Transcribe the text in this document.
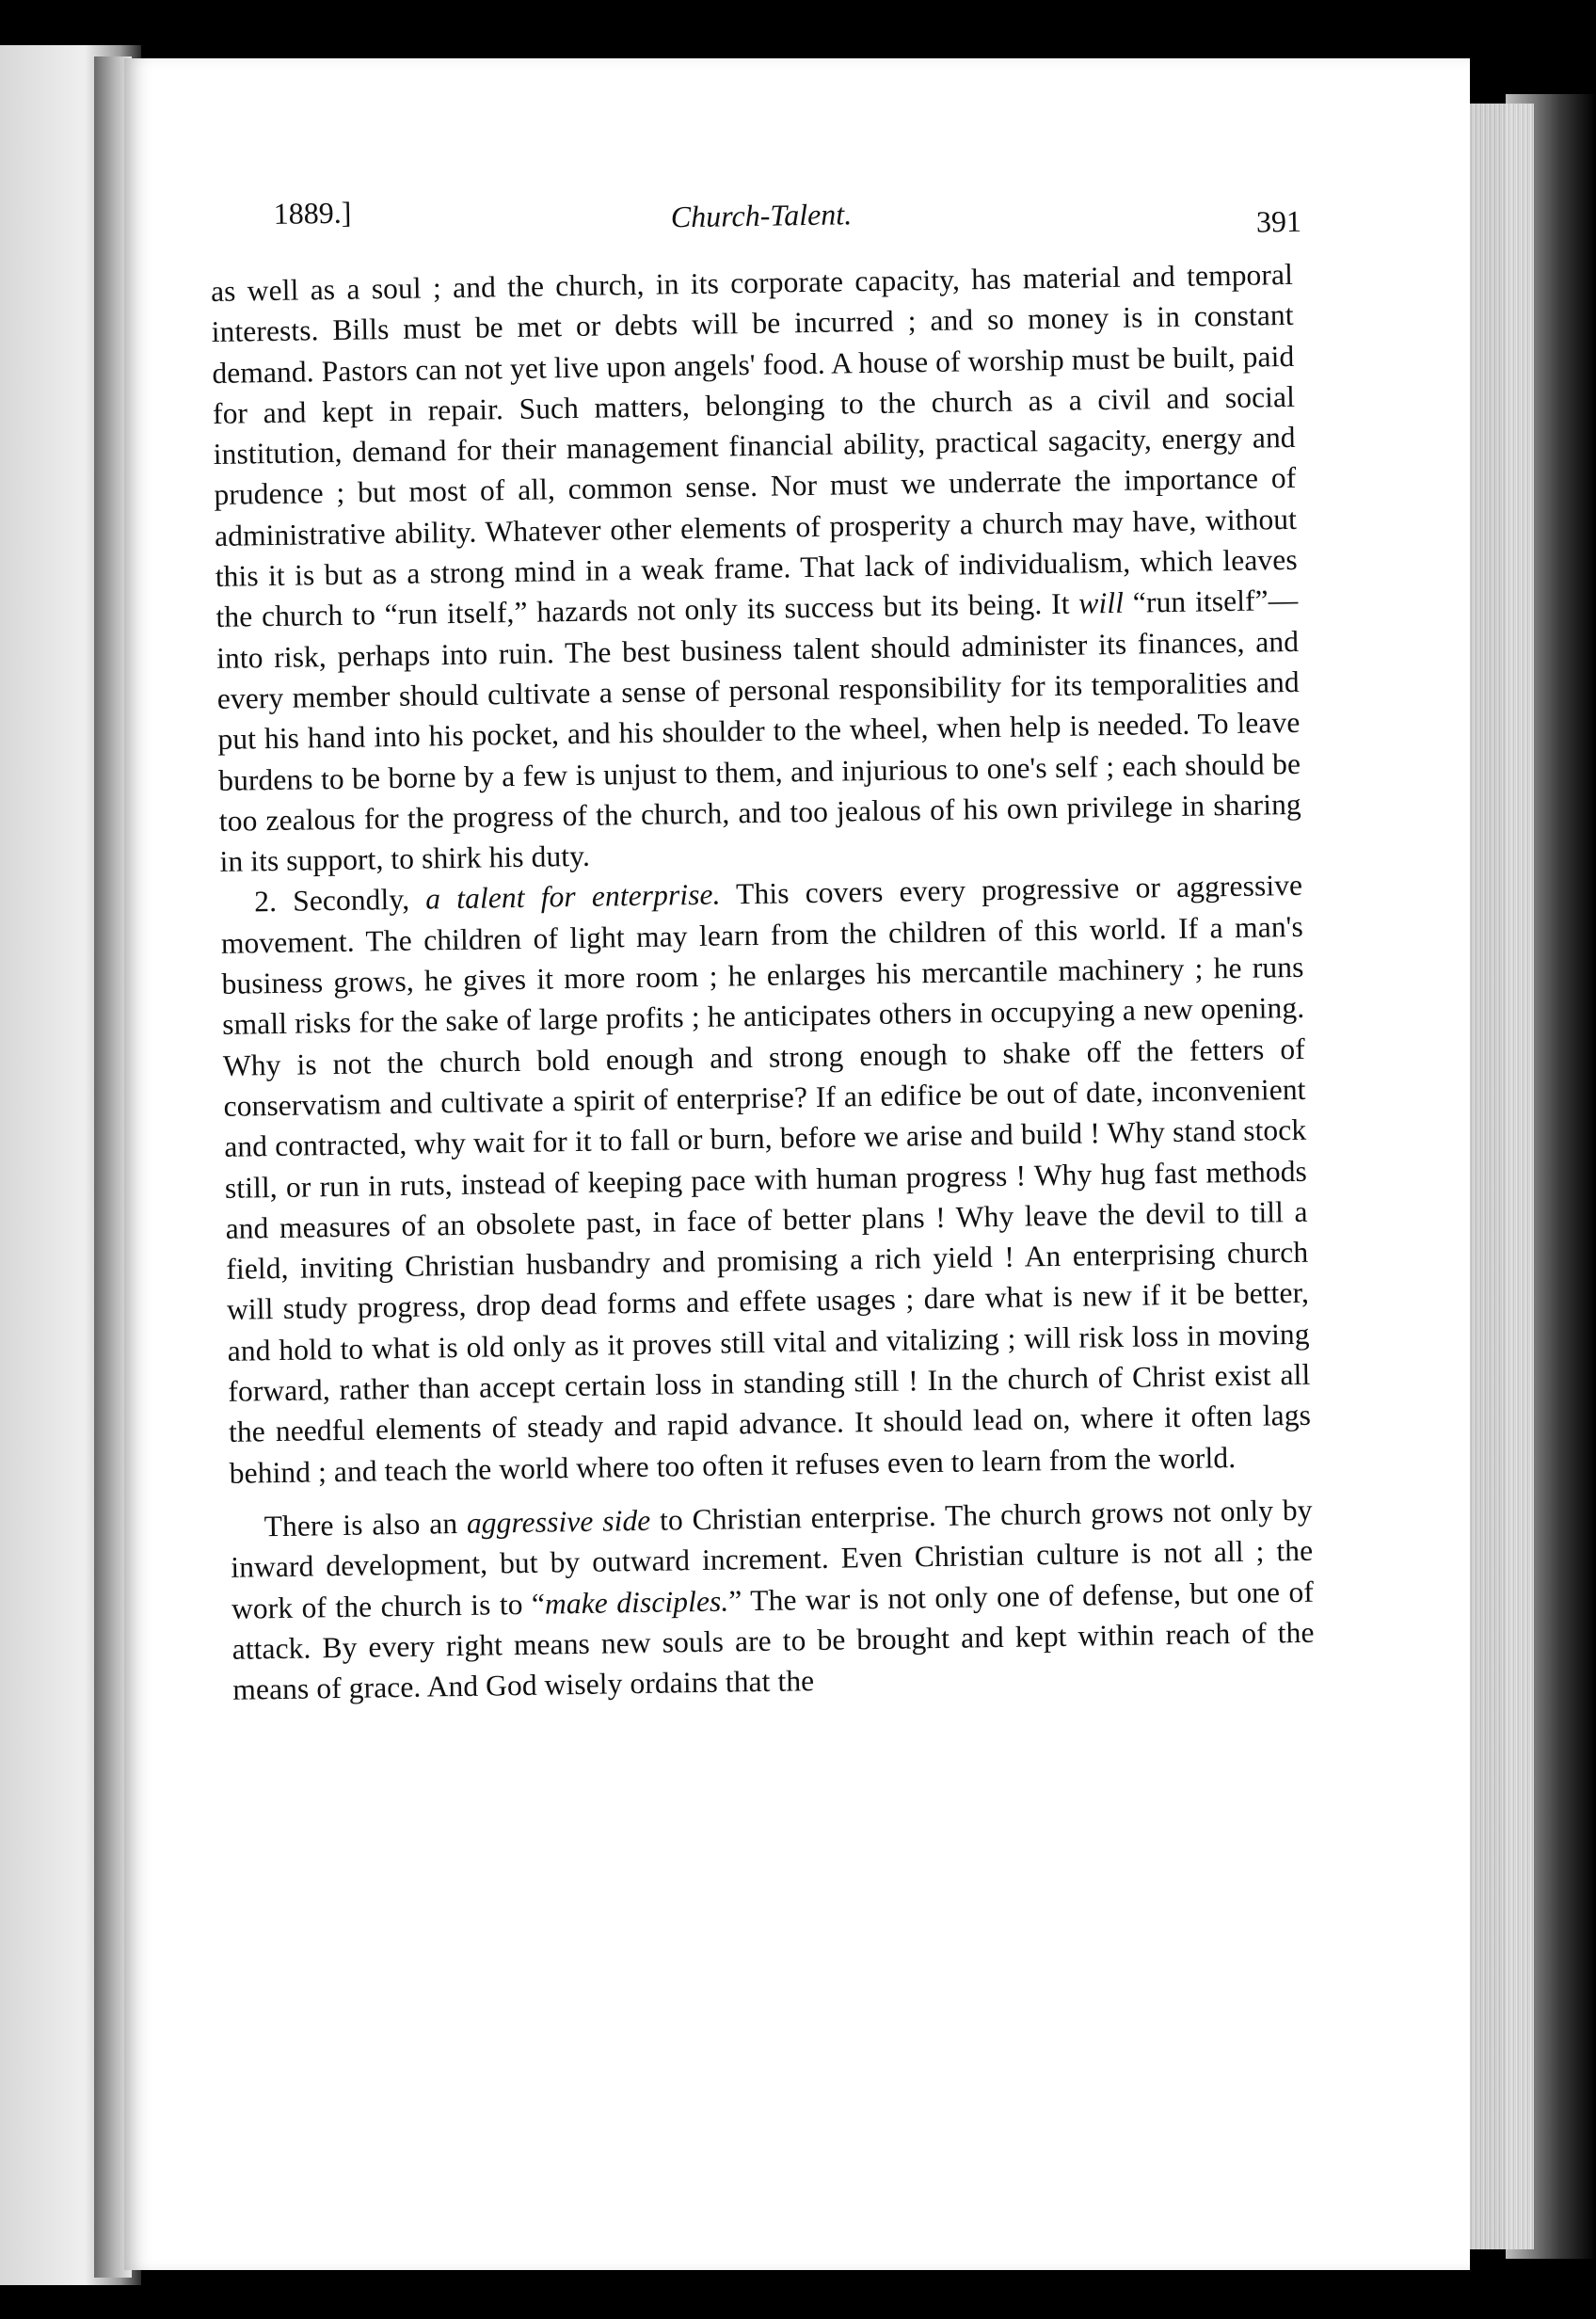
1889.]	Church-Talent.	391

as well as a soul ; and the church, in its corporate capacity, has material and temporal interests. Bills must be met or debts will be incurred ; and so money is in constant demand. Pastors can not yet live upon angels' food. A house of worship must be built, paid for and kept in repair. Such matters, belonging to the church as a civil and social institution, demand for their management financial ability, practical sagacity, energy and prudence ; but most of all, common sense. Nor must we underrate the importance of administrative ability. Whatever other elements of prosperity a church may have, without this it is but as a strong mind in a weak frame. That lack of individualism, which leaves the church to “run itself,” hazards not only its success but its being. It will “run itself”—into risk, perhaps into ruin. The best business talent should administer its finances, and every member should cultivate a sense of personal responsibility for its temporalities and put his hand into his pocket, and his shoulder to the wheel, when help is needed. To leave burdens to be borne by a few is unjust to them, and injurious to one's self ; each should be too zealous for the progress of the church, and too jealous of his own privilege in sharing in its support, to shirk his duty.

2. Secondly, a talent for enterprise. This covers every progressive or aggressive movement. The children of light may learn from the children of this world. If a man's business grows, he gives it more room ; he enlarges his mercantile machinery ; he runs small risks for the sake of large profits ; he anticipates others in occupying a new opening. Why is not the church bold enough and strong enough to shake off the fetters of conservatism and cultivate a spirit of enterprise? If an edifice be out of date, inconvenient and contracted, why wait for it to fall or burn, before we arise and build ! Why stand stock still, or run in ruts, instead of keeping pace with human progress ! Why hug fast methods and measures of an obsolete past, in face of better plans ! Why leave the devil to till a field, inviting Christian husbandry and promising a rich yield ! An enterprising church will study progress, drop dead forms and effete usages ; dare what is new if it be better, and hold to what is old only as it proves still vital and vitalizing ; will risk loss in moving forward, rather than accept certain loss in standing still ! In the church of Christ exist all the needful elements of steady and rapid advance. It should lead on, where it often lags behind ; and teach the world where too often it refuses even to learn from the world.

There is also an aggressive side to Christian enterprise. The church grows not only by inward development, but by outward increment. Even Christian culture is not all ; the work of the church is to “make disciples.” The war is not only one of defense, but one of attack. By every right means new souls are to be brought and kept within reach of the means of grace. And God wisely ordains that the
